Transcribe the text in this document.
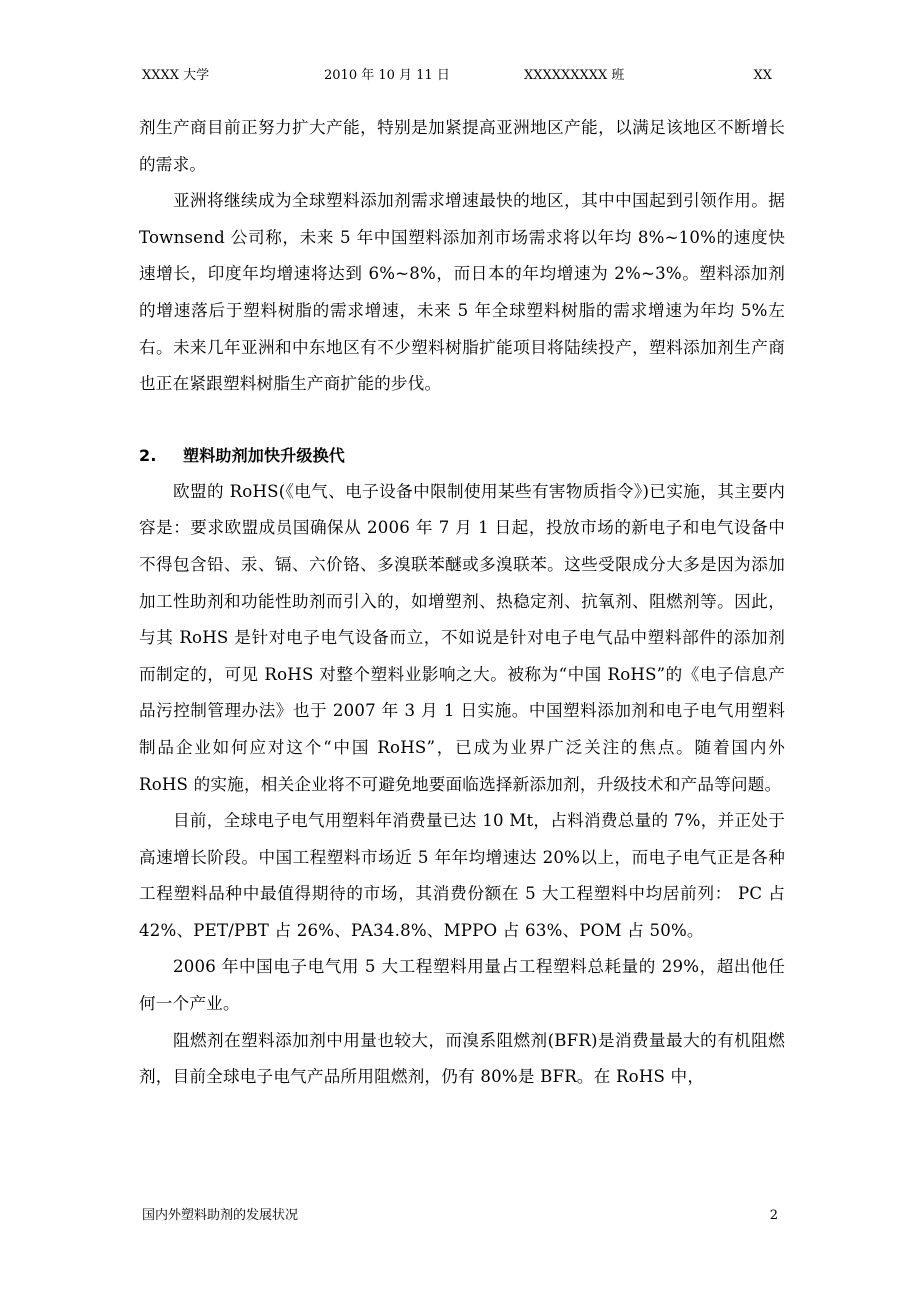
XXXX 大学	2010 年 10 月 11 日	XXXXXXXXX 班	XX

剂生产商目前正努力扩大产能，特别是加紧提高亚洲地区产能，以满足该地区不断增长的需求。

亚洲将继续成为全球塑料添加剂需求增速最快的地区，其中中国起到引领作用。据 Townsend 公司称，未来 5 年中国塑料添加剂市场需求将以年均 8%~10%的速度快速增长，印度年均增速将达到 6%~8%，而日本的年均增速为 2%~3%。塑料添加剂的增速落后于塑料树脂的需求增速，未来 5 年全球塑料树脂的需求增速为年均 5%左右。未来几年亚洲和中东地区有不少塑料树脂扩能项目将陆续投产，塑料添加剂生产商也正在紧跟塑料树脂生产商扩能的步伐。

2. 塑料助剂加快升级换代

欧盟的 RoHS(《电气、电子设备中限制使用某些有害物质指令》)已实施，其主要内容是：要求欧盟成员国确保从 2006 年 7 月 1 日起，投放市场的新电子和电气设备中不得包含铅、汞、镉、六价铬、多溴联苯醚或多溴联苯。这些受限成分大多是因为添加加工性助剂和功能性助剂而引入的，如增塑剂、热稳定剂、抗氧剂、阻燃剂等。因此，与其 RoHS 是针对电子电气设备而立，不如说是针对电子电气品中塑料部件的添加剂而制定的，可见 RoHS 对整个塑料业影响之大。被称为“中国 RoHS”的《电子信息产品污控制管理办法》也于 2007 年 3 月 1 日实施。中国塑料添加剂和电子电气用塑料制品企业如何应对这个“中国 RoHS”，已成为业界广泛关注的焦点。随着国内外 RoHS 的实施，相关企业将不可避免地要面临选择新添加剂，升级技术和产品等问题。

目前，全球电子电气用塑料年消费量已达 10 Mt，占料消费总量的 7%，并正处于高速增长阶段。中国工程塑料市场近 5 年年均增速达 20%以上，而电子电气正是各种工程塑料品种中最值得期待的市场，其消费份额在 5 大工程塑料中均居前列： PC 占 42%、PET/PBT 占 26%、PA34.8%、MPPO 占 63%、POM 占 50%。

2006 年中国电子电气用 5 大工程塑料用量占工程塑料总耗量的 29%，超出他任何一个产业。

阻燃剂在塑料添加剂中用量也较大，而溴系阻燃剂(BFR)是消费量最大的有机阻燃剂，目前全球电子电气产品所用阻燃剂，仍有 80%是 BFR。在 RoHS 中，

国内外塑料助剂的发展状况	2
